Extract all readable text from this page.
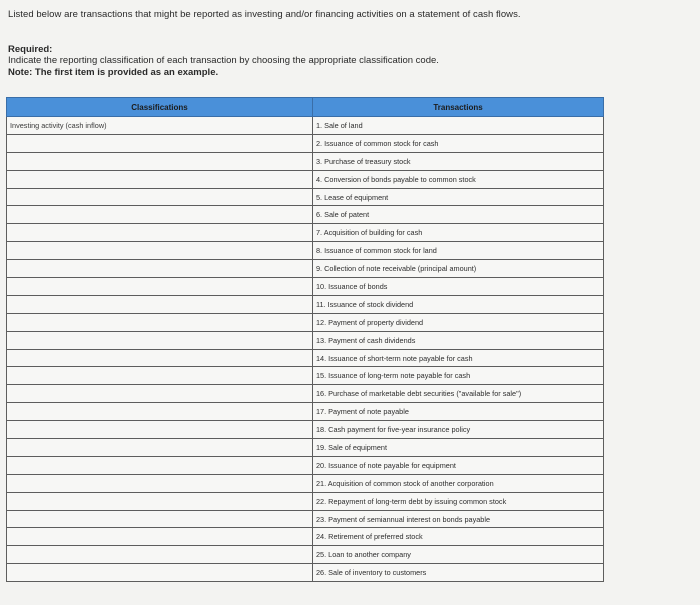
Listed below are transactions that might be reported as investing and/or financing activities on a statement of cash flows.
Required:
Indicate the reporting classification of each transaction by choosing the appropriate classification code.
Note: The first item is provided as an example.
Classifications	Transactions
Investing activity (cash inflow)	1. Sale of land
	2. Issuance of common stock for cash
	3. Purchase of treasury stock
	4. Conversion of bonds payable to common stock
	5. Lease of equipment
	6. Sale of patent
	7. Acquisition of building for cash
	8. Issuance of common stock for land
	9. Collection of note receivable (principal amount)
	10. Issuance of bonds
	11. Issuance of stock dividend
	12. Payment of property dividend
	13. Payment of cash dividends
	14. Issuance of short-term note payable for cash
	15. Issuance of long-term note payable for cash
	16. Purchase of marketable debt securities ("available for sale")
	17. Payment of note payable
	18. Cash payment for five-year insurance policy
	19. Sale of equipment
	20. Issuance of note payable for equipment
	21. Acquisition of common stock of another corporation
	22. Repayment of long-term debt by issuing common stock
	23. Payment of semiannual interest on bonds payable
	24. Retirement of preferred stock
	25. Loan to another company
	26. Sale of inventory to customers
